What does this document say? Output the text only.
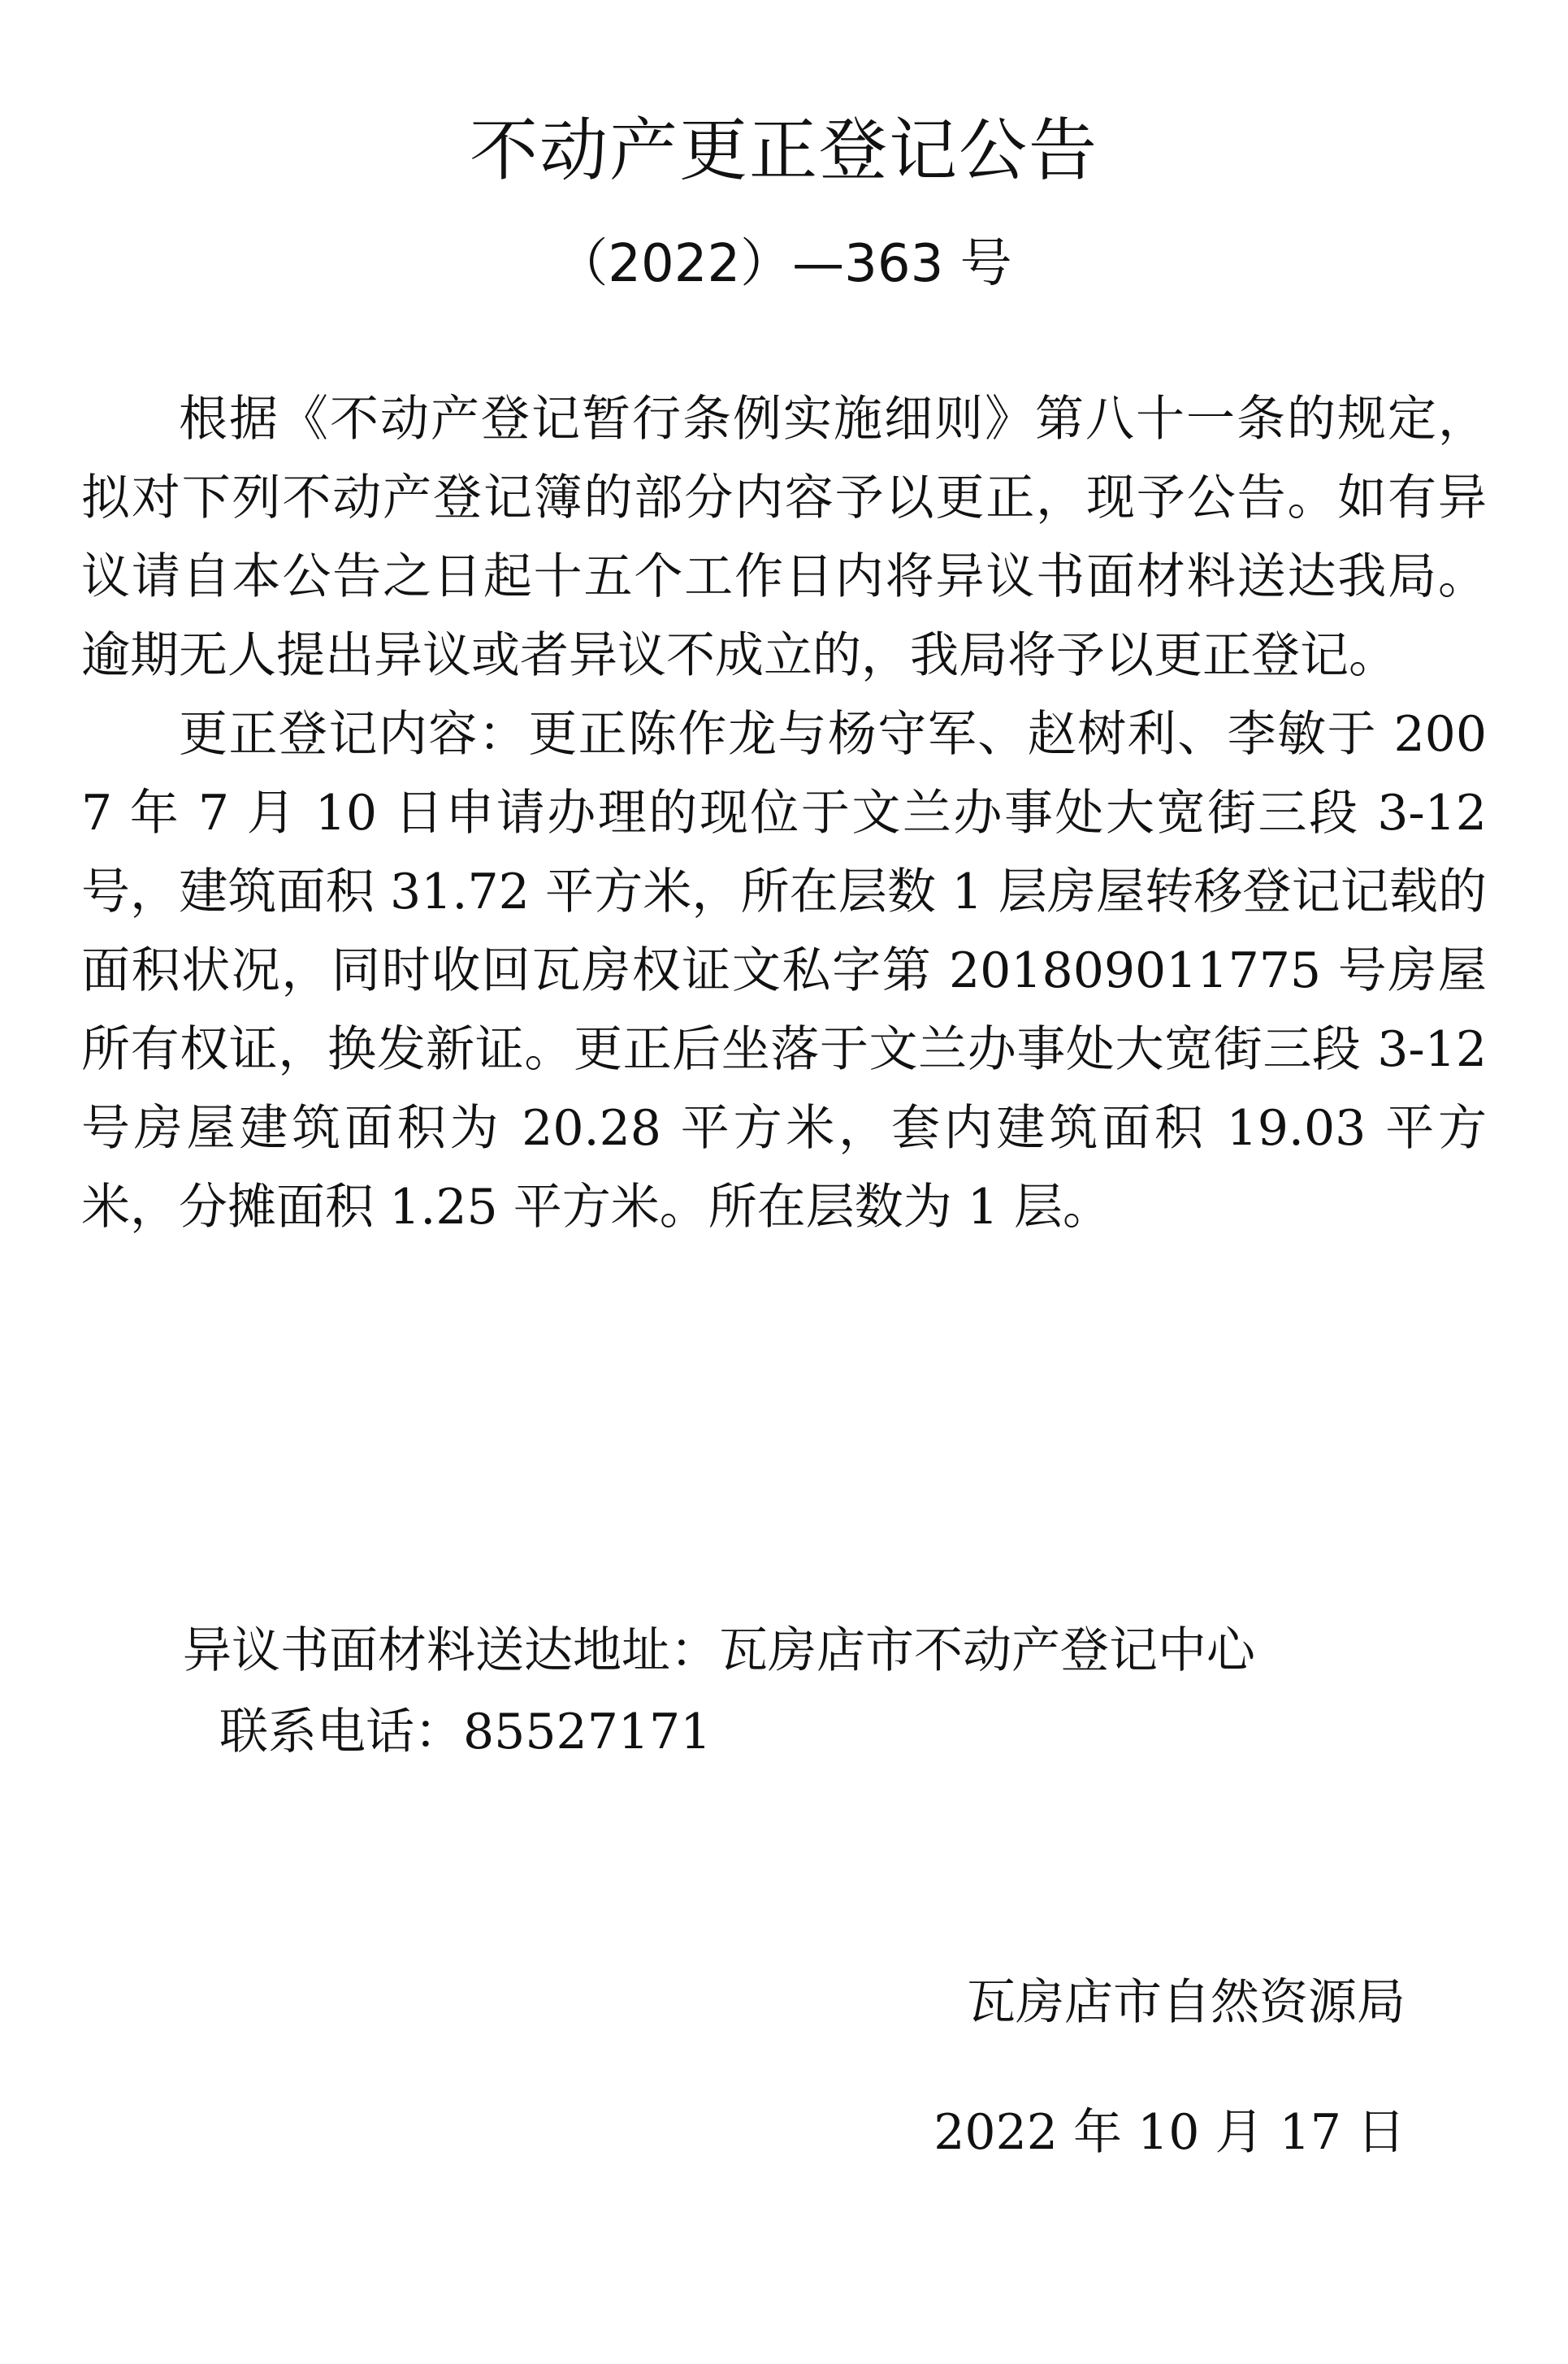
不动产更正登记公告
（2022）—363 号

根据《不动产登记暂行条例实施细则》第八十一条的规定，拟对下列不动产登记簿的部分内容予以更正，现予公告。如有异议请自本公告之日起十五个工作日内将异议书面材料送达我局。逾期无人提出异议或者异议不成立的，我局将予以更正登记。

更正登记内容：更正陈作龙与杨守军、赵树利、李敏于 2007 年 7 月 10 日申请办理的现位于文兰办事处大宽街三段 3-12 号，建筑面积 31.72 平方米，所在层数 1 层房屋转移登记记载的面积状况，同时收回瓦房权证文私字第 201809011775 号房屋所有权证，换发新证。更正后坐落于文兰办事处大宽街三段 3-12 号房屋建筑面积为 20.28 平方米，套内建筑面积 19.03 平方米，分摊面积 1.25 平方米。所在层数为 1 层。

异议书面材料送达地址：瓦房店市不动产登记中心
联系电话：85527171
瓦房店市自然资源局
2022 年 10 月 17 日
